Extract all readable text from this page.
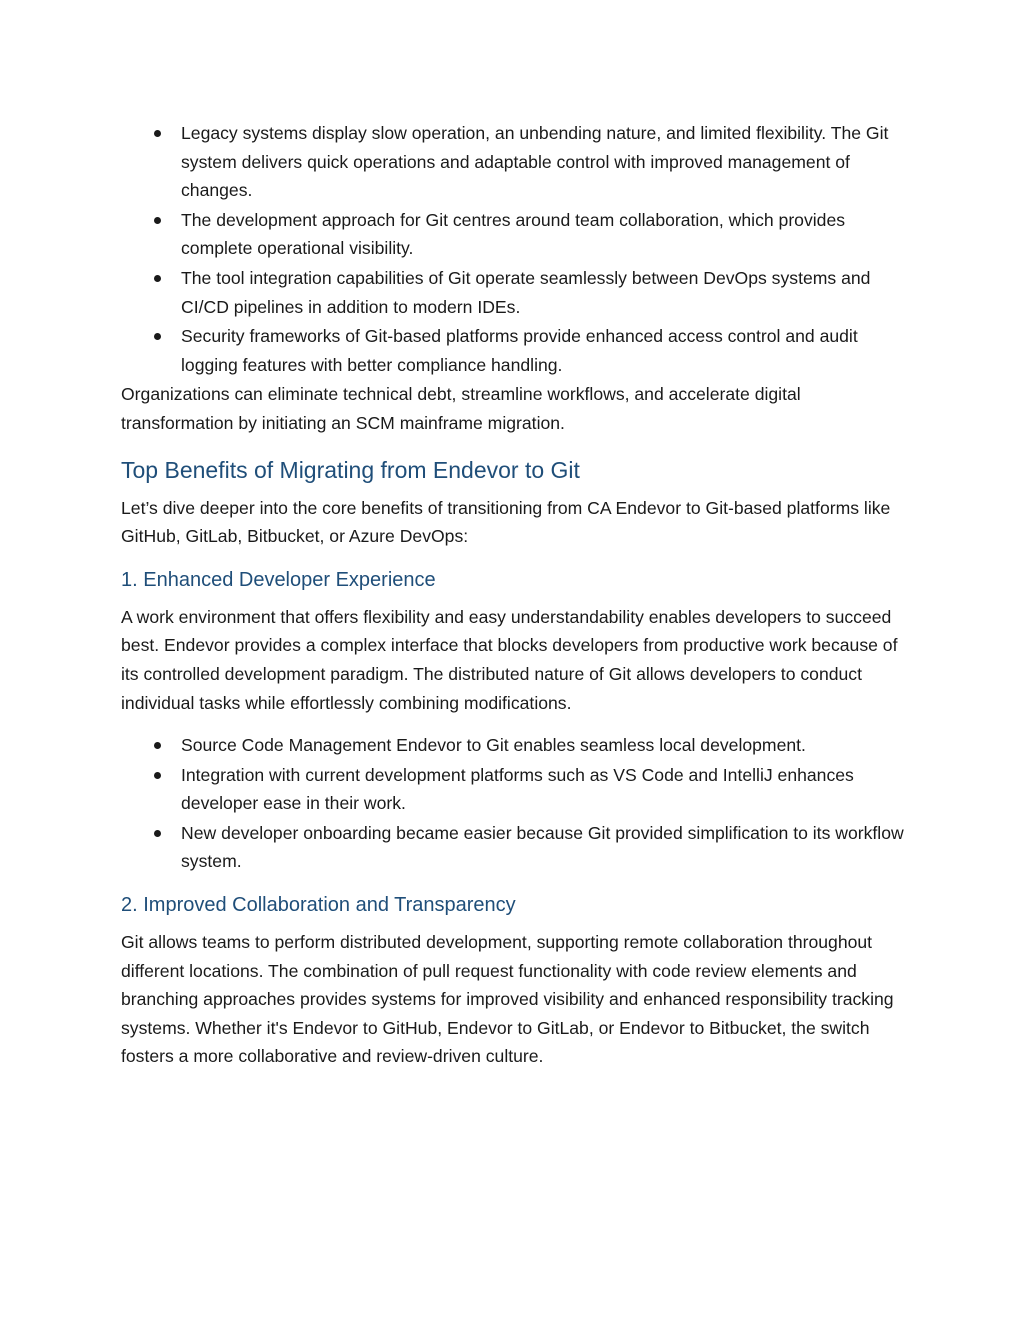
Legacy systems display slow operation, an unbending nature, and limited flexibility. The Git system delivers quick operations and adaptable control with improved management of changes.
The development approach for Git centres around team collaboration, which provides complete operational visibility.
The tool integration capabilities of Git operate seamlessly between DevOps systems and CI/CD pipelines in addition to modern IDEs.
Security frameworks of Git-based platforms provide enhanced access control and audit logging features with better compliance handling.

Organizations can eliminate technical debt, streamline workflows, and accelerate digital transformation by initiating an SCM mainframe migration.

Top Benefits of Migrating from Endevor to Git

Let’s dive deeper into the core benefits of transitioning from CA Endevor to Git-based platforms like GitHub, GitLab, Bitbucket, or Azure DevOps:

1. Enhanced Developer Experience

A work environment that offers flexibility and easy understandability enables developers to succeed best. Endevor provides a complex interface that blocks developers from productive work because of its controlled development paradigm. The distributed nature of Git allows developers to conduct individual tasks while effortlessly combining modifications.

Source Code Management Endevor to Git enables seamless local development.
Integration with current development platforms such as VS Code and IntelliJ enhances developer ease in their work.
New developer onboarding became easier because Git provided simplification to its workflow system.
2. Improved Collaboration and Transparency

Git allows teams to perform distributed development, supporting remote collaboration throughout different locations. The combination of pull request functionality with code review elements and branching approaches provides systems for improved visibility and enhanced responsibility tracking systems. Whether it's Endevor to GitHub, Endevor to GitLab, or Endevor to Bitbucket, the switch fosters a more collaborative and review-driven culture.
